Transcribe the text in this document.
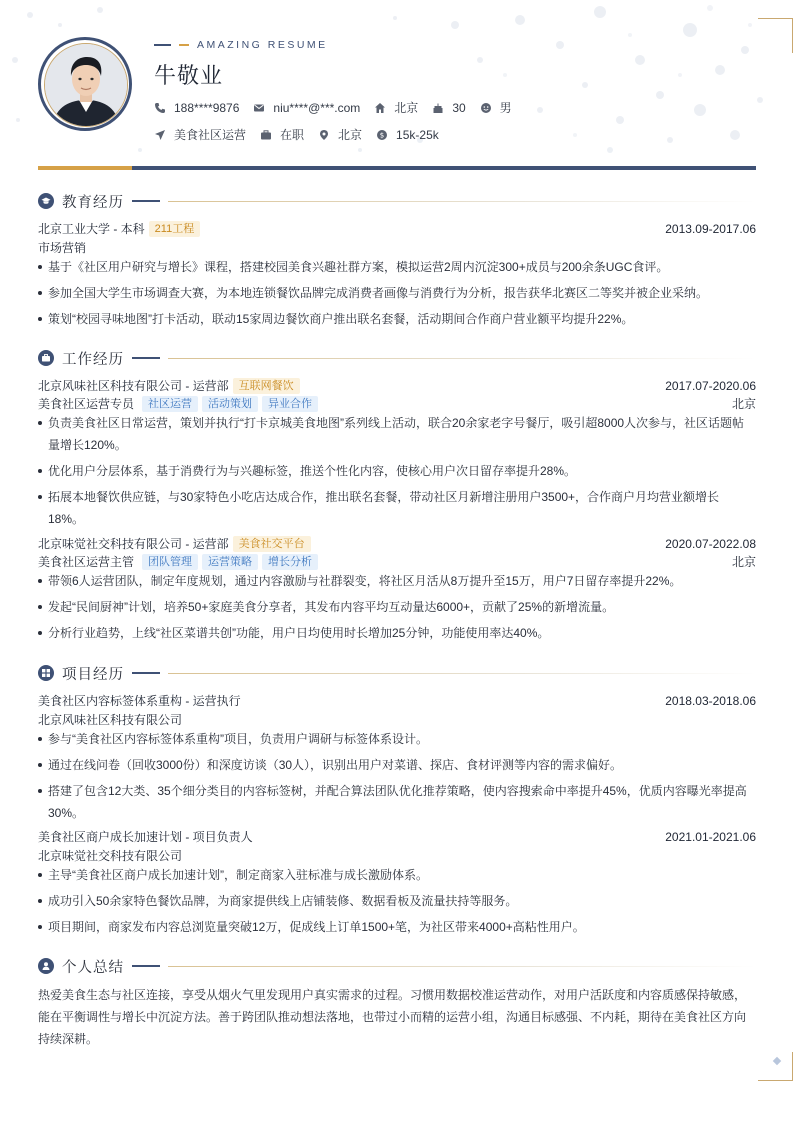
AMAZING RESUME
牛敬业
188****9876	niu****@***.com	北京	30	男
美食社区运营	在职	北京	$ 15k-25k
教育经历
北京工业大学 - 本科 211工程	2013.09-2017.06
市场营销
基于《社区用户研究与增长》课程，搭建校园美食兴趣社群方案，模拟运营2周内沉淀300+成员与200余条UGC食评。
参加全国大学生市场调查大赛，为本地连锁餐饮品牌完成消费者画像与消费行为分析，报告获华北赛区二等奖并被企业采纳。
策划“校园寻味地图”打卡活动，联动15家周边餐饮商户推出联名套餐，活动期间合作商户营业额平均提升22%。
工作经历
北京风味社区科技有限公司 - 运营部 互联网餐饮	2017.07-2020.06
美食社区运营专员	社区运营	活动策划	异业合作	北京
负责美食社区日常运营，策划并执行“打卡京城美食地图”系列线上活动，联合20余家老字号餐厅，吸引超8000人次参与，社区话题帖
量增长120%。
优化用户分层体系，基于消费行为与兴趣标签，推送个性化内容，使核心用户次日留存率提升28%。
拓展本地餐饮供应链，与30家特色小吃店达成合作，推出联名套餐，带动社区月新增注册用户3500+，合作商户月均营业额增长
18%。
北京味觉社交科技有限公司 - 运营部 美食社交平台	2020.07-2022.08
美食社区运营主管	团队管理	运营策略	增长分析	北京
带领6人运营团队，制定年度规划，通过内容激励与社群裂变，将社区月活从8万提升至15万，用户7日留存率提升22%。
发起“民间厨神”计划，培养50+家庭美食分享者，其发布内容平均互动量达6000+，贡献了25%的新增流量。
分析行业趋势，上线“社区菜谱共创”功能，用户日均使用时长增加25分钟，功能使用率达40%。
项目经历
美食社区内容标签体系重构 - 运营执行	2018.03-2018.06
北京风味社区科技有限公司
参与“美食社区内容标签体系重构”项目，负责用户调研与标签体系设计。
通过在线问卷（回收3000份）和深度访谈（30人），识别出用户对菜谱、探店、食材评测等内容的需求偏好。
搭建了包含12大类、35个细分类目的内容标签树，并配合算法团队优化推荐策略，使内容搜索命中率提升45%，优质内容曝光率提高
30%。
美食社区商户成长加速计划 - 项目负责人	2021.01-2021.06
北京味觉社交科技有限公司
主导“美食社区商户成长加速计划”，制定商家入驻标准与成长激励体系。
成功引入50余家特色餐饮品牌，为商家提供线上店铺装修、数据看板及流量扶持等服务。
项目期间，商家发布内容总浏览量突破12万，促成线上订单1500+笔，为社区带来4000+高粘性用户。
个人总结
热爱美食生态与社区连接，享受从烟火气里发现用户真实需求的过程。习惯用数据校准运营动作，对用户活跃度和内容质感保持敏感，
能在平衡调性与增长中沉淀方法。善于跨团队推动想法落地，也带过小而精的运营小组，沟通目标感强、不内耗，期待在美食社区方向
持续深耕。
